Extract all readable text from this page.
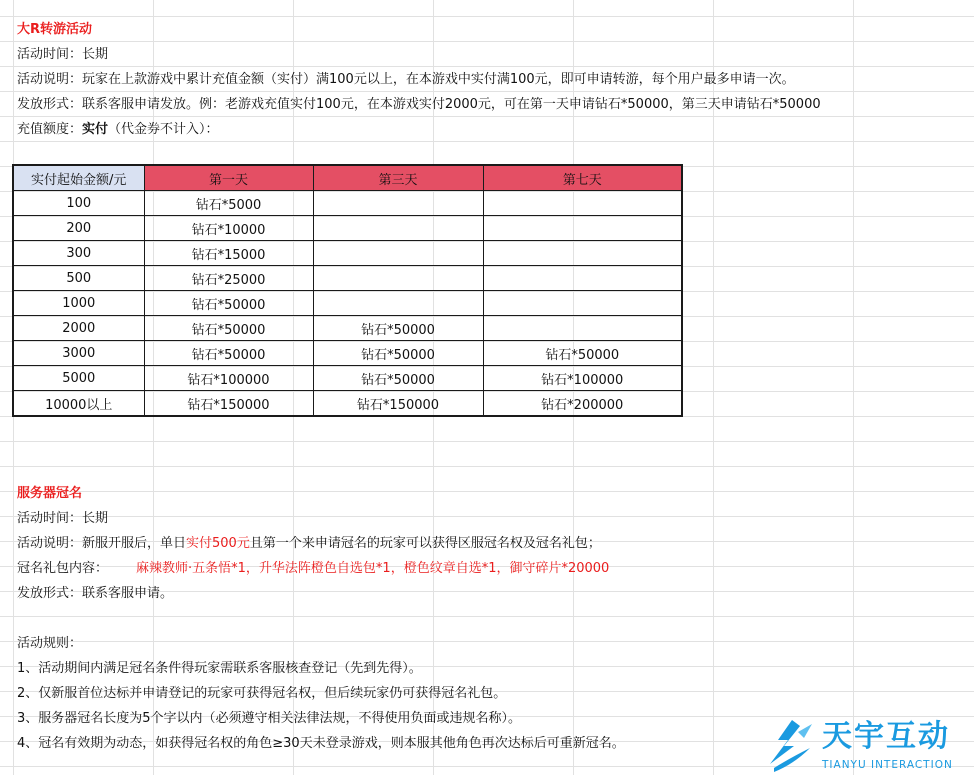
大R转游活动
活动时间：长期
活动说明：玩家在上款游戏中累计充值金额（实付）满100元以上，在本游戏中实付满100元，即可申请转游，每个用户最多申请一次。
发放形式：联系客服申请发放。例：老游戏充值实付100元，在本游戏实付2000元，可在第一天申请钻石*50000，第三天申请钻石*50000
充值额度：实付（代金券不计入）：
实付起始金额/元	第一天	第三天	第七天
100	钻石*5000		
200	钻石*10000		
300	钻石*15000		
500	钻石*25000		
1000	钻石*50000		
2000	钻石*50000	钻石*50000	
3000	钻石*50000	钻石*50000	钻石*50000
5000	钻石*100000	钻石*50000	钻石*100000
10000以上	钻石*150000	钻石*150000	钻石*200000
服务器冠名
活动时间：长期
活动说明：新服开服后，单日实付500元且第一个来申请冠名的玩家可以获得区服冠名权及冠名礼包；
冠名礼包内容： 麻辣教师·五条悟*1，升华法阵橙色自选包*1，橙色纹章自选*1，御守碎片*20000
发放形式：联系客服申请。
活动规则：
1、活动期间内满足冠名条件得玩家需联系客服核查登记（先到先得）。
2、仅新服首位达标并申请登记的玩家可获得冠名权，但后续玩家仍可获得冠名礼包。
3、服务器冠名长度为5个字以内（必须遵守相关法律法规，不得使用负面或违规名称）。
4、冠名有效期为动态，如获得冠名权的角色≥30天未登录游戏，则本服其他角色再次达标后可重新冠名。	天宇互动
TIANYU INTERACTION
